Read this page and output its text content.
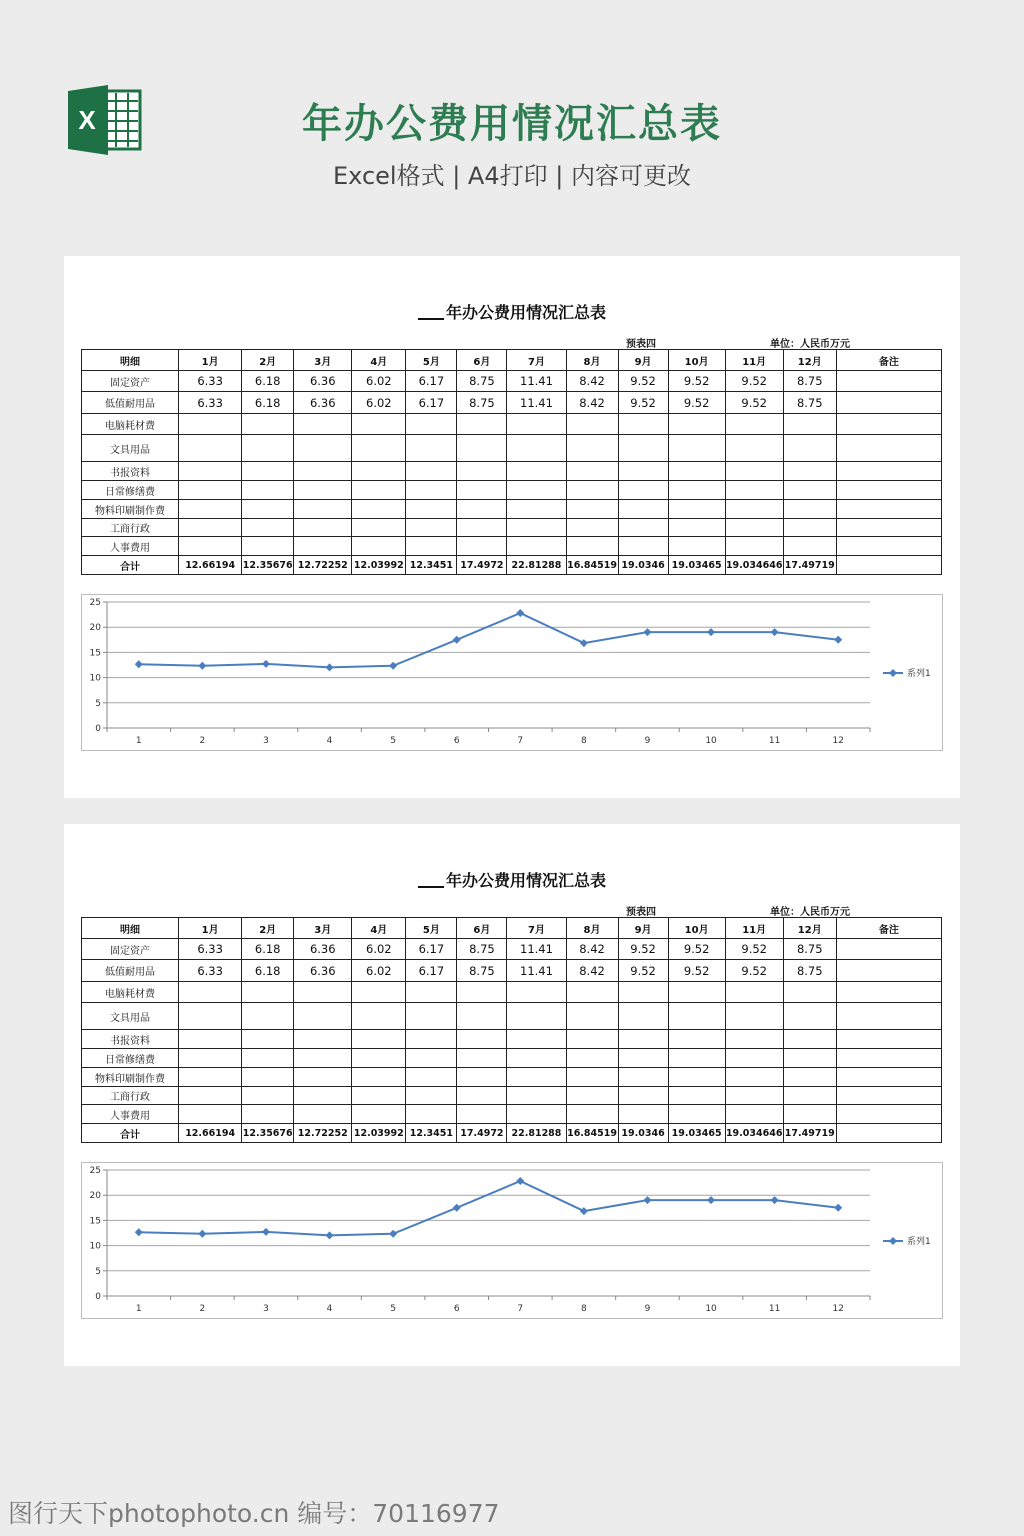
X	年办公费用情况汇总表
Excel格式 | A4打印 | 内容可更改
年办公费用情况汇总表
预表四	单位：人民币万元
明细	1月	2月	3月	4月	5月	6月	7月	8月	9月	10月	11月	12月	备注
固定资产	6.33	6.18	6.36	6.02	6.17	8.75	11.41	8.42	9.52	9.52	9.52	8.75	
低值耐用品	6.33	6.18	6.36	6.02	6.17	8.75	11.41	8.42	9.52	9.52	9.52	8.75	
电脑耗材费													
文具用品													
书报资料													
日常修缮费													
物料印刷制作费													
工商行政													
人事费用													
合计	12.66194	12.35676	12.72252	12.03992	12.3451	17.4972	22.81288	16.84519	19.0346	19.03465	19.034646	17.49719	
0
5
10
15
20
25
1	2	3	4	5	6	7	8	9	10	11	12
系列1
年办公费用情况汇总表
预表四	单位：人民币万元
明细	1月	2月	3月	4月	5月	6月	7月	8月	9月	10月	11月	12月	备注
固定资产	6.33	6.18	6.36	6.02	6.17	8.75	11.41	8.42	9.52	9.52	9.52	8.75	
低值耐用品	6.33	6.18	6.36	6.02	6.17	8.75	11.41	8.42	9.52	9.52	9.52	8.75	
电脑耗材费													
文具用品													
书报资料													
日常修缮费													
物料印刷制作费													
工商行政													
人事费用													
合计	12.66194	12.35676	12.72252	12.03992	12.3451	17.4972	22.81288	16.84519	19.0346	19.03465	19.034646	17.49719	
0
5
10
15
20
25
1	2	3	4	5	6	7	8	9	10	11	12
系列1
图行天下photophoto.cn 编号：70116977
